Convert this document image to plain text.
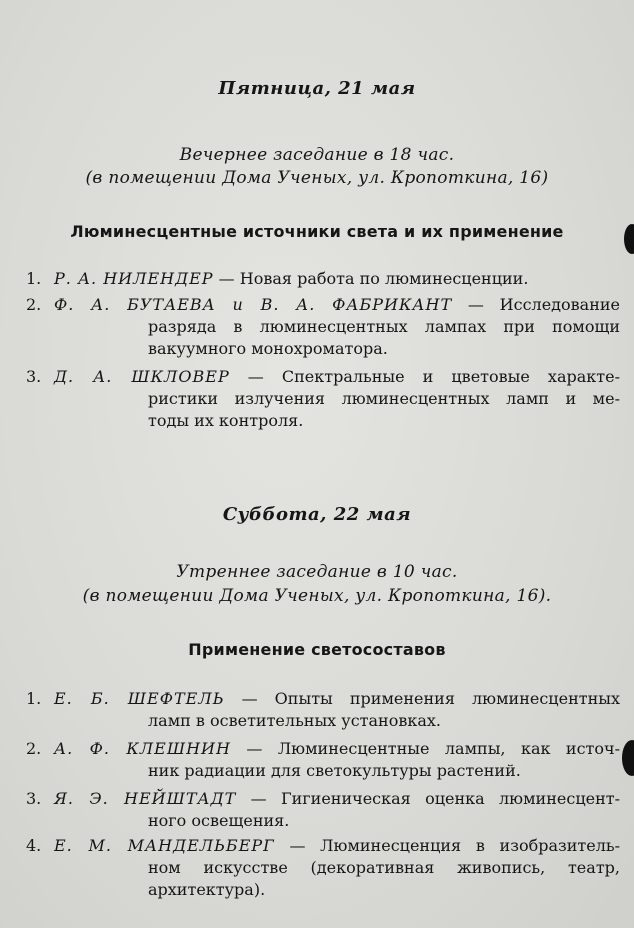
Пятница, 21 мая
Вечернее заседание в 18 час.
(в помещении Дома Ученых, ул. Кропоткина, 16)
Люминесцентные источники света и их применение
1. Р. А. НИЛЕНДЕР — Новая работа по люминесценции.
2. Ф. А. БУТАЕВА и В. А. ФАБРИКАНТ — Исследование
разряда в люминесцентных лампах при помощи
вакуумного монохроматора.
3. Д. А. ШКЛОВЕР — Спектральные и цветовые характе-
ристики излучения люминесцентных ламп и ме-
тоды их контроля.
Суббота, 22 мая
Утреннее заседание в 10 час.
(в помещении Дома Ученых, ул. Кропоткина, 16).
Применение светосоставов
1. Е. Б. ШЕФТЕЛЬ — Опыты применения люминесцентных
ламп в осветительных установках.
2. А. Ф. КЛЕШНИН — Люминесцентные лампы, как источ-
ник радиации для светокультуры растений.
3. Я. Э. НЕЙШТАДТ — Гигиеническая оценка люминесцент-
ного освещения.
4. Е. М. МАНДЕЛЬБЕРГ — Люминесценция в изобразитель-
ном искусстве (декоративная живопись, театр,
архитектура).
